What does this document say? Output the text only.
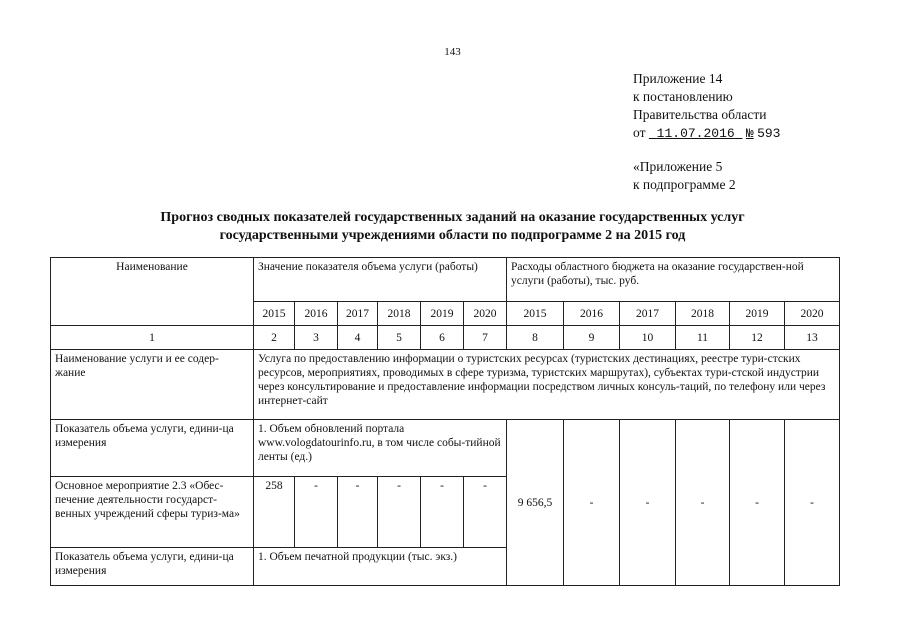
143
Приложение 14
к постановлению
Правительства области
от 11.07.2016 № 593
«Приложение 5
к подпрограмме 2
Прогноз сводных показателей государственных заданий на оказание государственных услуг
государственными учреждениями области по подпрограмме 2 на 2015 год
Наименование	Значение показателя объема услуги (работы)						Расходы областного бюджета на оказание государствен-ной услуги (работы), тыс. руб.					
	2015	2016	2017	2018	2019	2020	2015	2016	2017	2018	2019	2020
1	2	3	4	5	6	7	8	9	10	11	12	13
Наименование услуги и ее содер-жание	Услуга по предоставлению информации о туристских ресурсах (туристских дестинациях, реестре тури-стских ресурсов, мероприятиях, проводимых в сфере туризма, туристских маршрутах), субъектах тури-стской индустрии через консультирование и предоставление информации посредством личных консуль-таций, по телефону или через интернет-сайт											
Показатель объема услуги, едини-ца измерения	1. Объем обновлений портала www.vologdatourinfo.ru, в том числе собы-тийной ленты (ед.)						9 656,5	-	-	-	-	-
Основное мероприятие 2.3 «Обес-печение деятельности государст-венных учреждений сферы туриз-ма»	258	-	-	-	-	-						
Показатель объема услуги, едини-ца измерения	1. Объем печатной продукции (тыс. экз.)											
